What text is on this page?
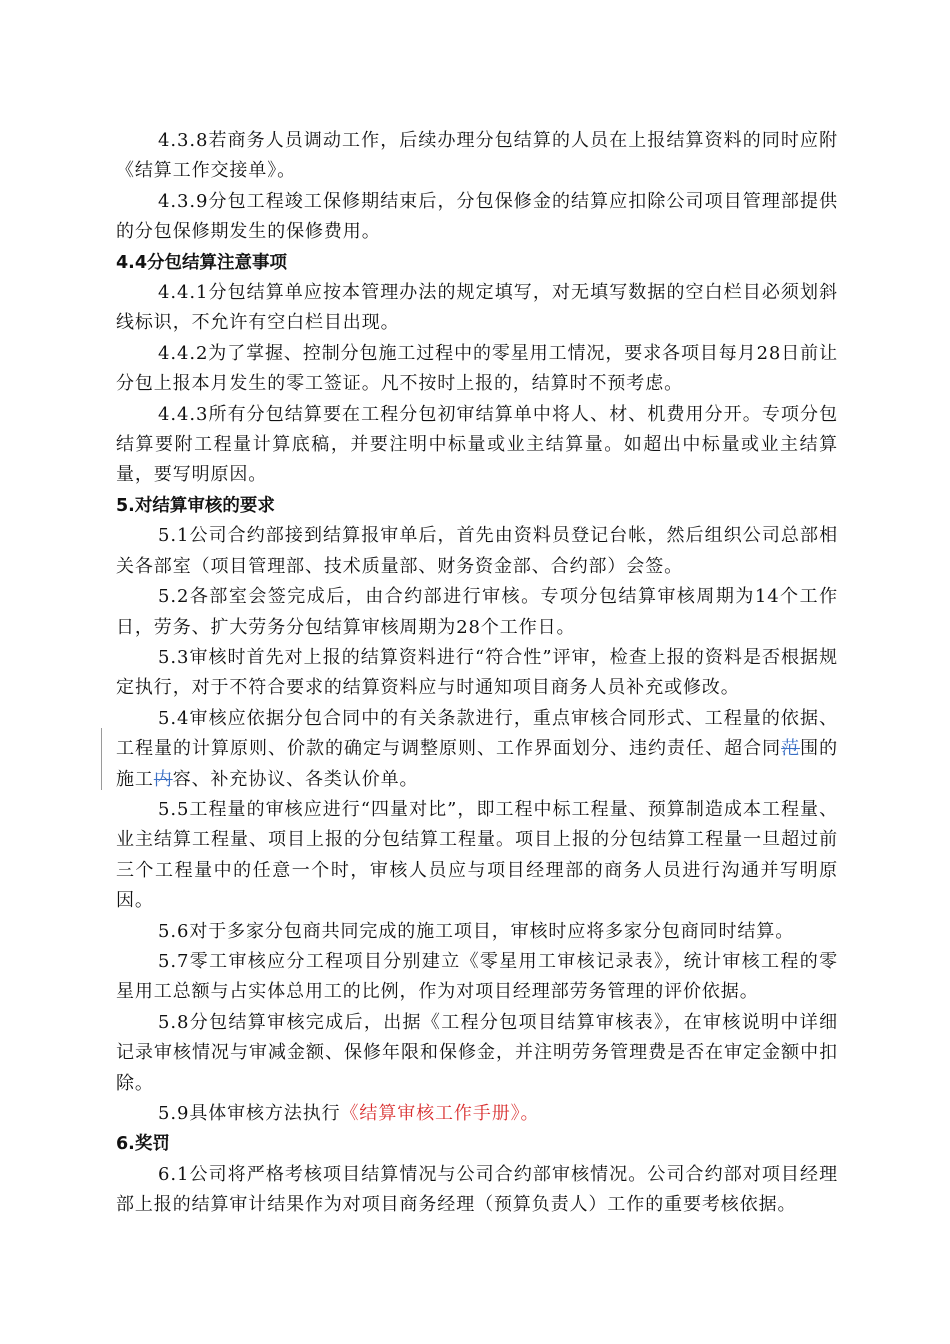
4.3.8若商务人员调动工作，后续办理分包结算的人员在上报结算资料的同时应附《结算工作交接单》。

4.3.9分包工程竣工保修期结束后，分包保修金的结算应扣除公司项目管理部提供的分包保修期发生的保修费用。

4.4分包结算注意事项

4.4.1分包结算单应按本管理办法的规定填写，对无填写数据的空白栏目必须划斜线标识，不允许有空白栏目出现。

4.4.2为了掌握、控制分包施工过程中的零星用工情况，要求各项目每月28日前让分包上报本月发生的零工签证。凡不按时上报的，结算时不预考虑。

4.4.3所有分包结算要在工程分包初审结算单中将人、材、机费用分开。专项分包结算要附工程量计算底稿，并要注明中标量或业主结算量。如超出中标量或业主结算量，要写明原因。

5.对结算审核的要求

5.1公司合约部接到结算报审单后，首先由资料员登记台帐，然后组织公司总部相关各部室（项目管理部、技术质量部、财务资金部、合约部）会签。

5.2各部室会签完成后，由合约部进行审核。专项分包结算审核周期为14个工作日，劳务、扩大劳务分包结算审核周期为28个工作日。

5.3审核时首先对上报的结算资料进行“符合性”评审，检查上报的资料是否根据规定执行，对于不符合要求的结算资料应与时通知项目商务人员补充或修改。

5.4审核应依据分包合同中的有关条款进行，重点审核合同形式、工程量的依据、工程量的计算原则、价款的确定与调整原则、工作界面划分、违约责任、超合同范围的施工内容、补充协议、各类认价单。

5.5工程量的审核应进行“四量对比”，即工程中标工程量、预算制造成本工程量、业主结算工程量、项目上报的分包结算工程量。项目上报的分包结算工程量一旦超过前三个工程量中的任意一个时，审核人员应与项目经理部的商务人员进行沟通并写明原因。

5.6对于多家分包商共同完成的施工项目，审核时应将多家分包商同时结算。

5.7零工审核应分工程项目分别建立《零星用工审核记录表》，统计审核工程的零星用工总额与占实体总用工的比例，作为对项目经理部劳务管理的评价依据。

5.8分包结算审核完成后，出据《工程分包项目结算审核表》，在审核说明中详细记录审核情况与审减金额、保修年限和保修金，并注明劳务管理费是否在审定金额中扣除。

5.9具体审核方法执行《结算审核工作手册》。

6.奖罚

6.1公司将严格考核项目结算情况与公司合约部审核情况。公司合约部对项目经理部上报的结算审计结果作为对项目商务经理（预算负责人）工作的重要考核依据。
